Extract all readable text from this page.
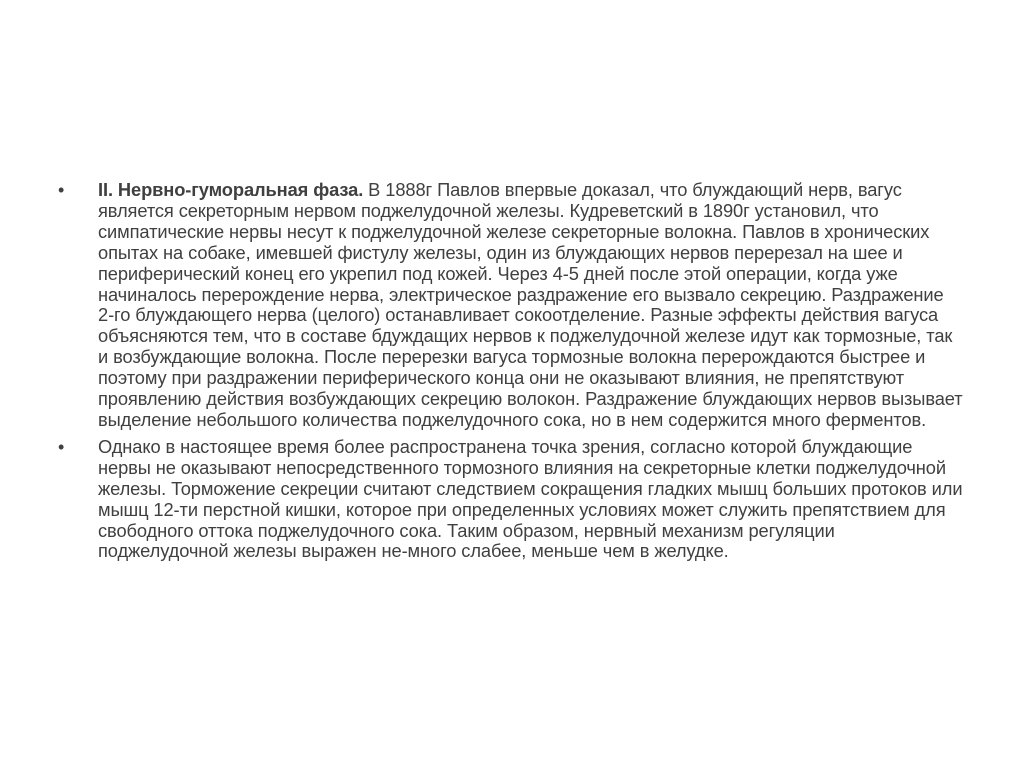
•	II. Нервно-гуморальная фаза. В 1888г Павлов впервые доказал, что блуждающий нерв, вагус является секреторным нервом поджелудочной железы. Кудреветский в 1890г установил, что симпатические нервы несут к поджелудочной железе секреторные волокна. Павлов в хронических опытах на собаке, имевшей фистулу железы, один из блуждающих нервов перерезал на шее и периферический конец его укрепил под кожей. Через 4-5 дней после этой операции, когда уже начиналось перерождение нерва, электрическое раздражение его вызвало секрецию. Раздражение 2-го блуждающего нерва (целого) останавливает сокоотделение. Разные эффекты действия вагуса объясняются тем, что в составе бдуждащих нервов к поджелудочной железе идут как тормозные, так и возбуждающие волокна. После перерезки вагуса тормозные волокна перерождаются быстрее и поэтому при раздражении периферического конца они не оказывают влияния, не препятствуют проявлению действия возбуждающих секрецию волокон. Раздражение блуждающих нервов вызывает выделение небольшого количества поджелудочного сока, но в нем содержится много ферментов.
•	Однако в настоящее время более распространена точка зрения, согласно которой блуждающие нервы не оказывают непосредственного тормозного влияния на секреторные клетки поджелудочной железы. Торможение секреции считают следствием сокращения гладких мышц больших протоков или мышц 12-ти перстной кишки, которое при определенных условиях может служить препятствием для свободного оттока поджелудочного сока. Таким образом, нервный механизм регуляции поджелудочной железы выражен не-много слабее, меньше чем в желудке.
